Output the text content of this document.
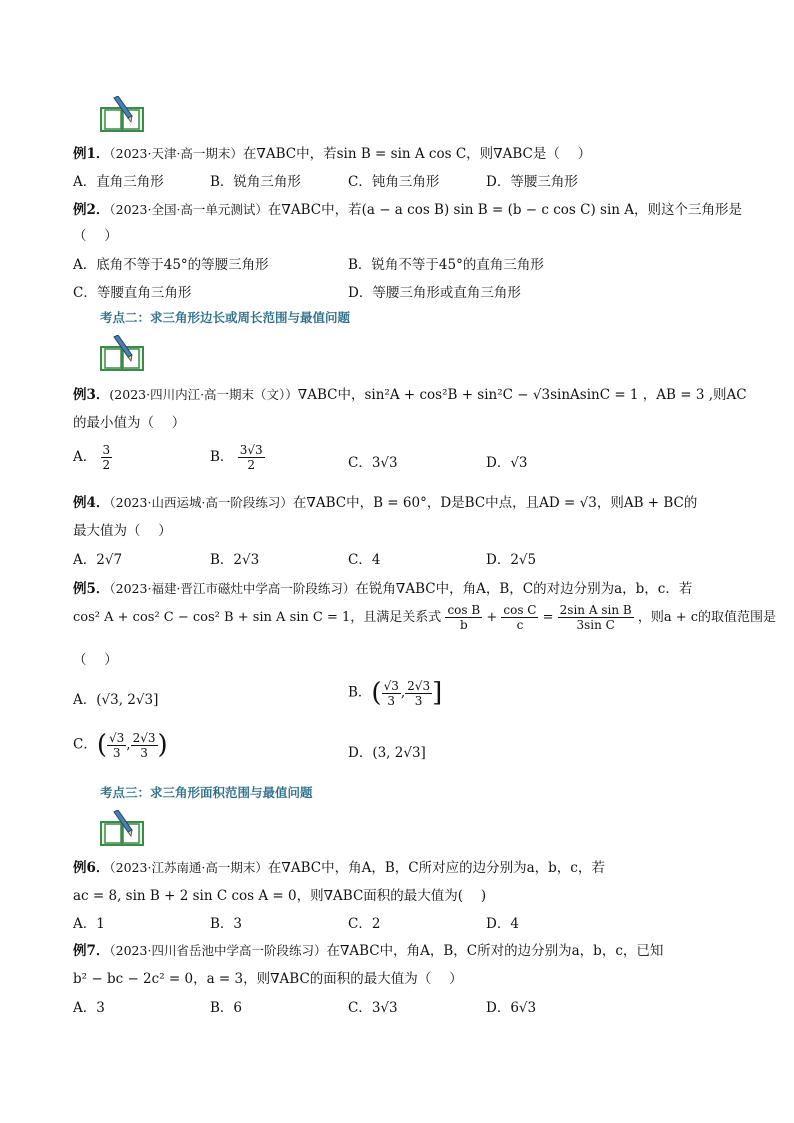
例1．（2023·天津·高一期末）在∇ABC中，若sin B = sin A cos C，则∇ABC是（　 ）
A．直角三角形	B．锐角三角形	C．钝角三角形	D．等腰三角形
例2．（2023·全国·高一单元测试）在∇ABC中，若(a − a cos B) sin B = (b − c cos C) sin A，则这个三角形是
（　 ）
A．底角不等于45°的等腰三角形	B．锐角不等于45°的直角三角形
C．等腰直角三角形	D．等腰三角形或直角三角形
考点二：求三角形边长或周长范围与最值问题
例3．(2023·四川内江·高一期末（文））∇ABC中，sin²A + cos²B + sin²C − √3sinAsinC = 1 ，AB = 3 ,则AC
的最小值为（　 ）
A． $\frac{3}{2}$	B． $\frac{3√3}{2}$	C．3√3	D．√3
例4．（2023·山西运城·高一阶段练习）在∇ABC中，B = 60°，D是BC中点，且AD = √3，则AB + BC的
最大值为（　 ）
A．2√7	B．2√3	C．4	D．2√5
例5．（2023·福建·晋江市磁灶中学高一阶段练习）在锐角∇ABC中，角A，B，C的对边分别为a，b，c．若
cos² A + cos² C − cos² B + sin A sin C = 1，且满足关系式 $\frac{\text{cos B}}{b} + \frac{\text{cos C}}{c} = \frac{\text{2sin A sin B}}{\text{3sin C}}$ ，则a + c的取值范围是
（　 ）
A．(√3, 2√3]	B．( $\frac{√3}{3}$ , $\frac{2√3}{3}$ ]
C．( $\frac{√3}{3}$ , $\frac{2√3}{3}$ )	D．(3, 2√3]
考点三：求三角形面积范围与最值问题
例6．（2023·江苏南通·高一期末）在∇ABC中，角A，B，C所对应的边分别为a，b，c，若
ac = 8, sin B + 2 sin C cos A = 0，则∇ABC面积的最大值为(　 )
A．1	B．3	C．2	D．4
例7．（2023·四川省岳池中学高一阶段练习）在∇ABC中，角A，B，C所对的边分别为a，b，c，已知
b² − bc − 2c² = 0，a = 3，则∇ABC的面积的最大值为（　 ）
A．3	B．6	C．3√3	D．6√3
